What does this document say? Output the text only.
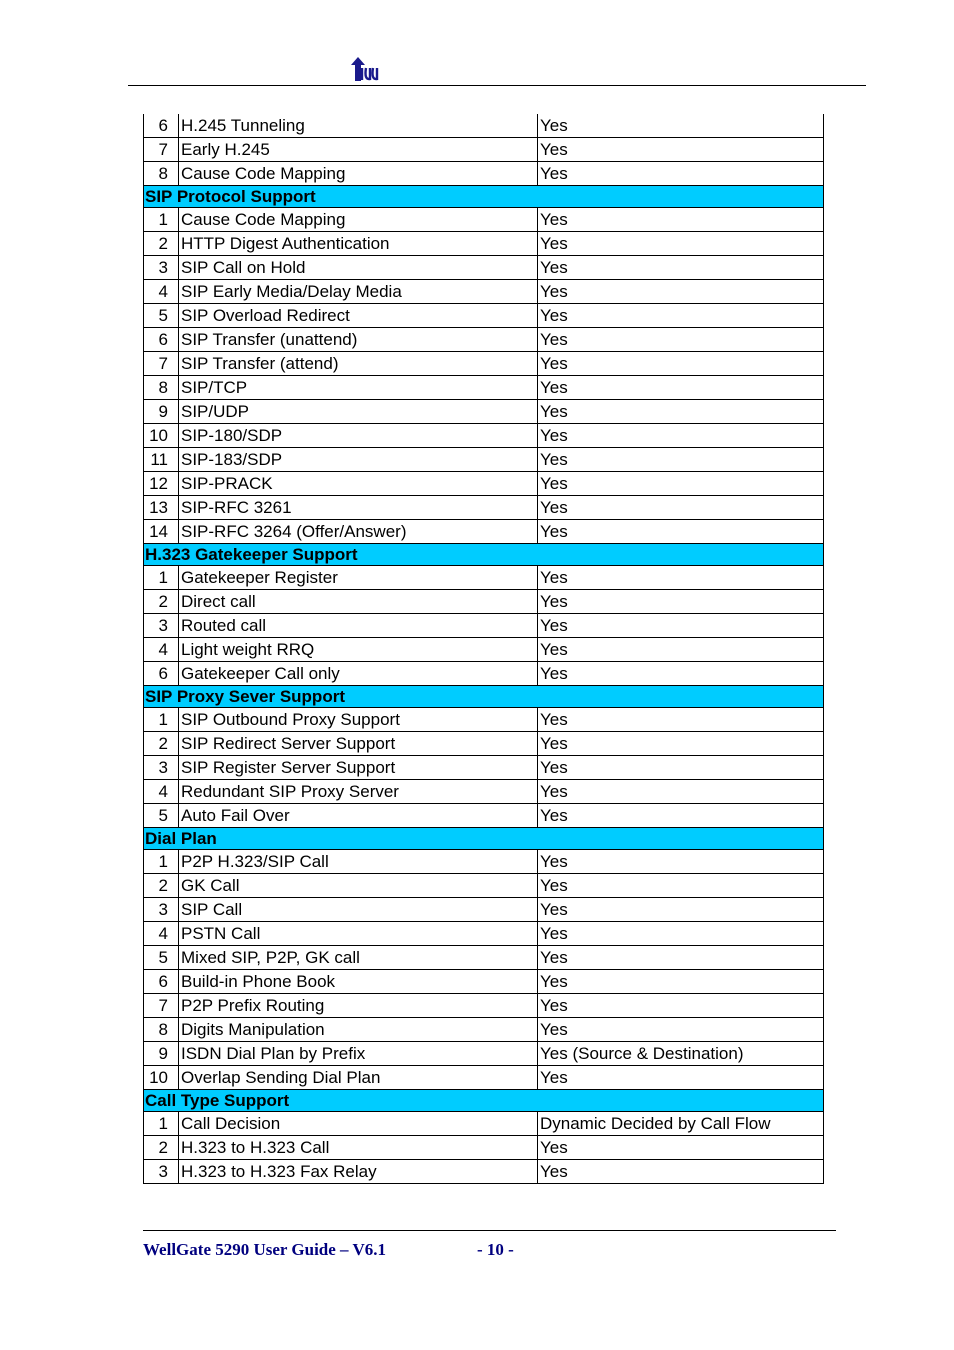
6	H.245 Tunneling	Yes
7	Early H.245	Yes
8	Cause Code Mapping	Yes
SIP Protocol Support		
1	Cause Code Mapping	Yes
2	HTTP Digest Authentication	Yes
3	SIP Call on Hold	Yes
4	SIP Early Media/Delay Media	Yes
5	SIP Overload Redirect	Yes
6	SIP Transfer (unattend)	Yes
7	SIP Transfer (attend)	Yes
8	SIP/TCP	Yes
9	SIP/UDP	Yes
10	SIP-180/SDP	Yes
11	SIP-183/SDP	Yes
12	SIP-PRACK	Yes
13	SIP-RFC 3261	Yes
14	SIP-RFC 3264 (Offer/Answer)	Yes
H.323 Gatekeeper Support		
1	Gatekeeper Register	Yes
2	Direct call	Yes
3	Routed call	Yes
4	Light weight RRQ	Yes
6	Gatekeeper Call only	Yes
SIP Proxy Sever Support		
1	SIP Outbound Proxy Support	Yes
2	SIP Redirect Server Support	Yes
3	SIP Register Server Support	Yes
4	Redundant SIP Proxy Server	Yes
5	Auto Fail Over	Yes
Dial Plan		
1	P2P H.323/SIP Call	Yes
2	GK Call	Yes
3	SIP Call	Yes
4	PSTN Call	Yes
5	Mixed SIP, P2P, GK call	Yes
6	Build-in Phone Book	Yes
7	P2P Prefix Routing	Yes
8	Digits Manipulation	Yes
9	ISDN Dial Plan by Prefix	Yes (Source & Destination)
10	Overlap Sending Dial Plan	Yes
Call Type Support		
1	Call Decision	Dynamic Decided by Call Flow
2	H.323 to H.323 Call	Yes
3	H.323 to H.323 Fax Relay	Yes
WellGate 5290 User Guide – V6.1	- 10 -
